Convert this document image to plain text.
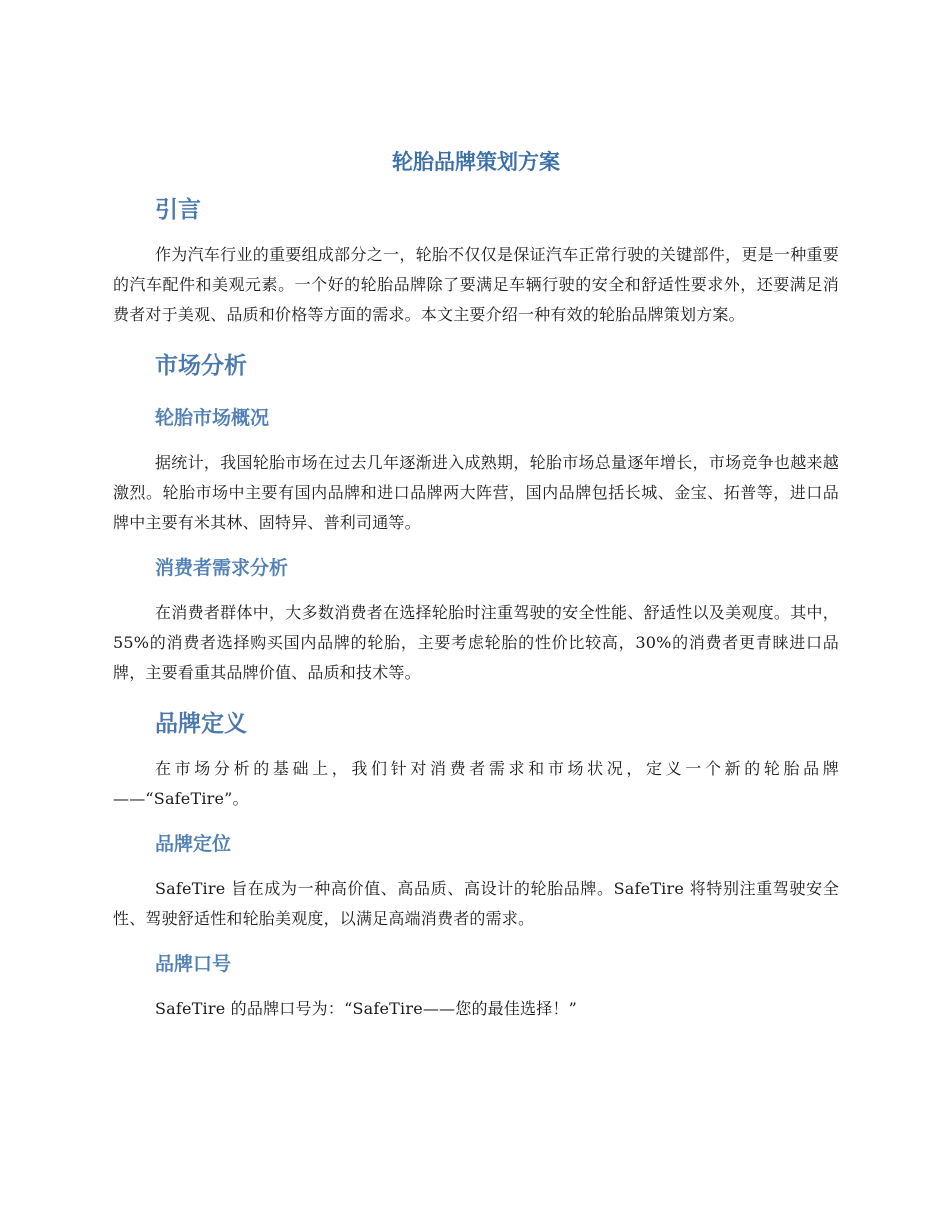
轮胎品牌策划方案
引言

作为汽车行业的重要组成部分之一，轮胎不仅仅是保证汽车正常行驶的关键部件，更是一种重要的汽车配件和美观元素。一个好的轮胎品牌除了要满足车辆行驶的安全和舒适性要求外，还要满足消费者对于美观、品质和价格等方面的需求。本文主要介绍一种有效的轮胎品牌策划方案。

市场分析
轮胎市场概况

据统计，我国轮胎市场在过去几年逐渐进入成熟期，轮胎市场总量逐年增长，市场竞争也越来越激烈。轮胎市场中主要有国内品牌和进口品牌两大阵营，国内品牌包括长城、金宝、拓普等，进口品牌中主要有米其林、固特异、普利司通等。

消费者需求分析

在消费者群体中，大多数消费者在选择轮胎时注重驾驶的安全性能、舒适性以及美观度。其中，55%的消费者选择购买国内品牌的轮胎，主要考虑轮胎的性价比较高，30%的消费者更青睐进口品牌，主要看重其品牌价值、品质和技术等。

品牌定义

在市场分析的基础上，我们针对消费者需求和市场状况，定义一个新的轮胎品牌——“SafeTire”。

品牌定位

SafeTire 旨在成为一种高价值、高品质、高设计的轮胎品牌。SafeTire 将特别注重驾驶安全性、驾驶舒适性和轮胎美观度，以满足高端消费者的需求。

品牌口号

SafeTire 的品牌口号为：“SafeTire——您的最佳选择！”
